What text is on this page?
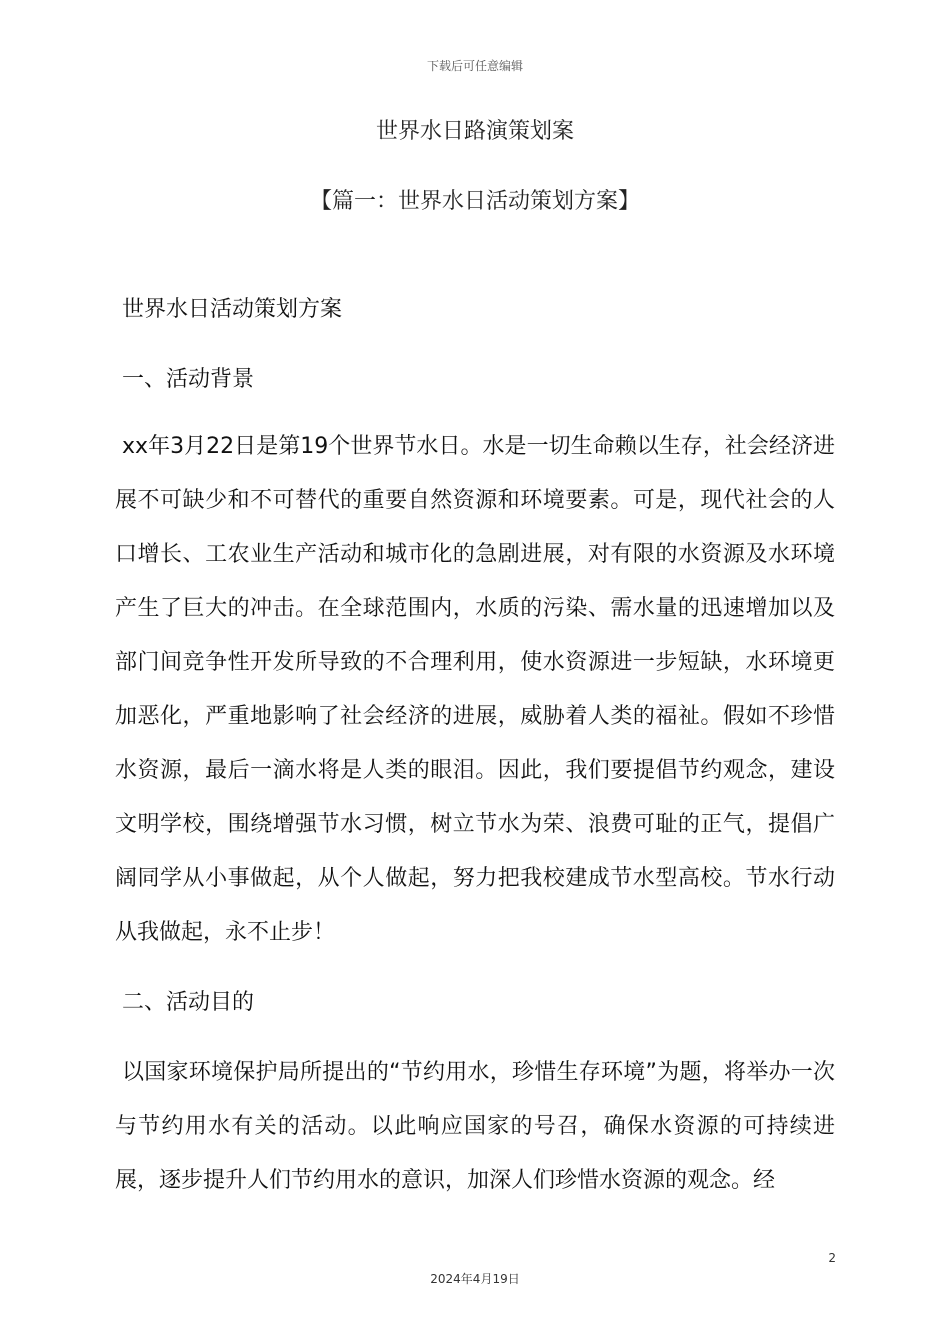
下载后可任意编辑
世界水日路演策划案
【篇一：世界水日活动策划方案】
世界水日活动策划方案
一、活动背景
xx年3月22日是第19个世界节水日。水是一切生命赖以生存，社会经济进展不可缺少和不可替代的重要自然资源和环境要素。可是，现代社会的人口增长、工农业生产活动和城市化的急剧进展，对有限的水资源及水环境产生了巨大的冲击。在全球范围内，水质的污染、需水量的迅速增加以及部门间竞争性开发所导致的不合理利用，使水资源进一步短缺，水环境更加恶化，严重地影响了社会经济的进展，威胁着人类的福祉。假如不珍惜水资源，最后一滴水将是人类的眼泪。因此，我们要提倡节约观念，建设文明学校，围绕增强节水习惯，树立节水为荣、浪费可耻的正气，提倡广阔同学从小事做起，从个人做起，努力把我校建成节水型高校。节水行动从我做起，永不止步！
二、活动目的
以国家环境保护局所提出的“节约用水，珍惜生存环境”为题，将举办一次与节约用水有关的活动。以此响应国家的号召，确保水资源的可持续进展，逐步提升人们节约用水的意识，加深人们珍惜水资源的观念。经
2
2024年4月19日
